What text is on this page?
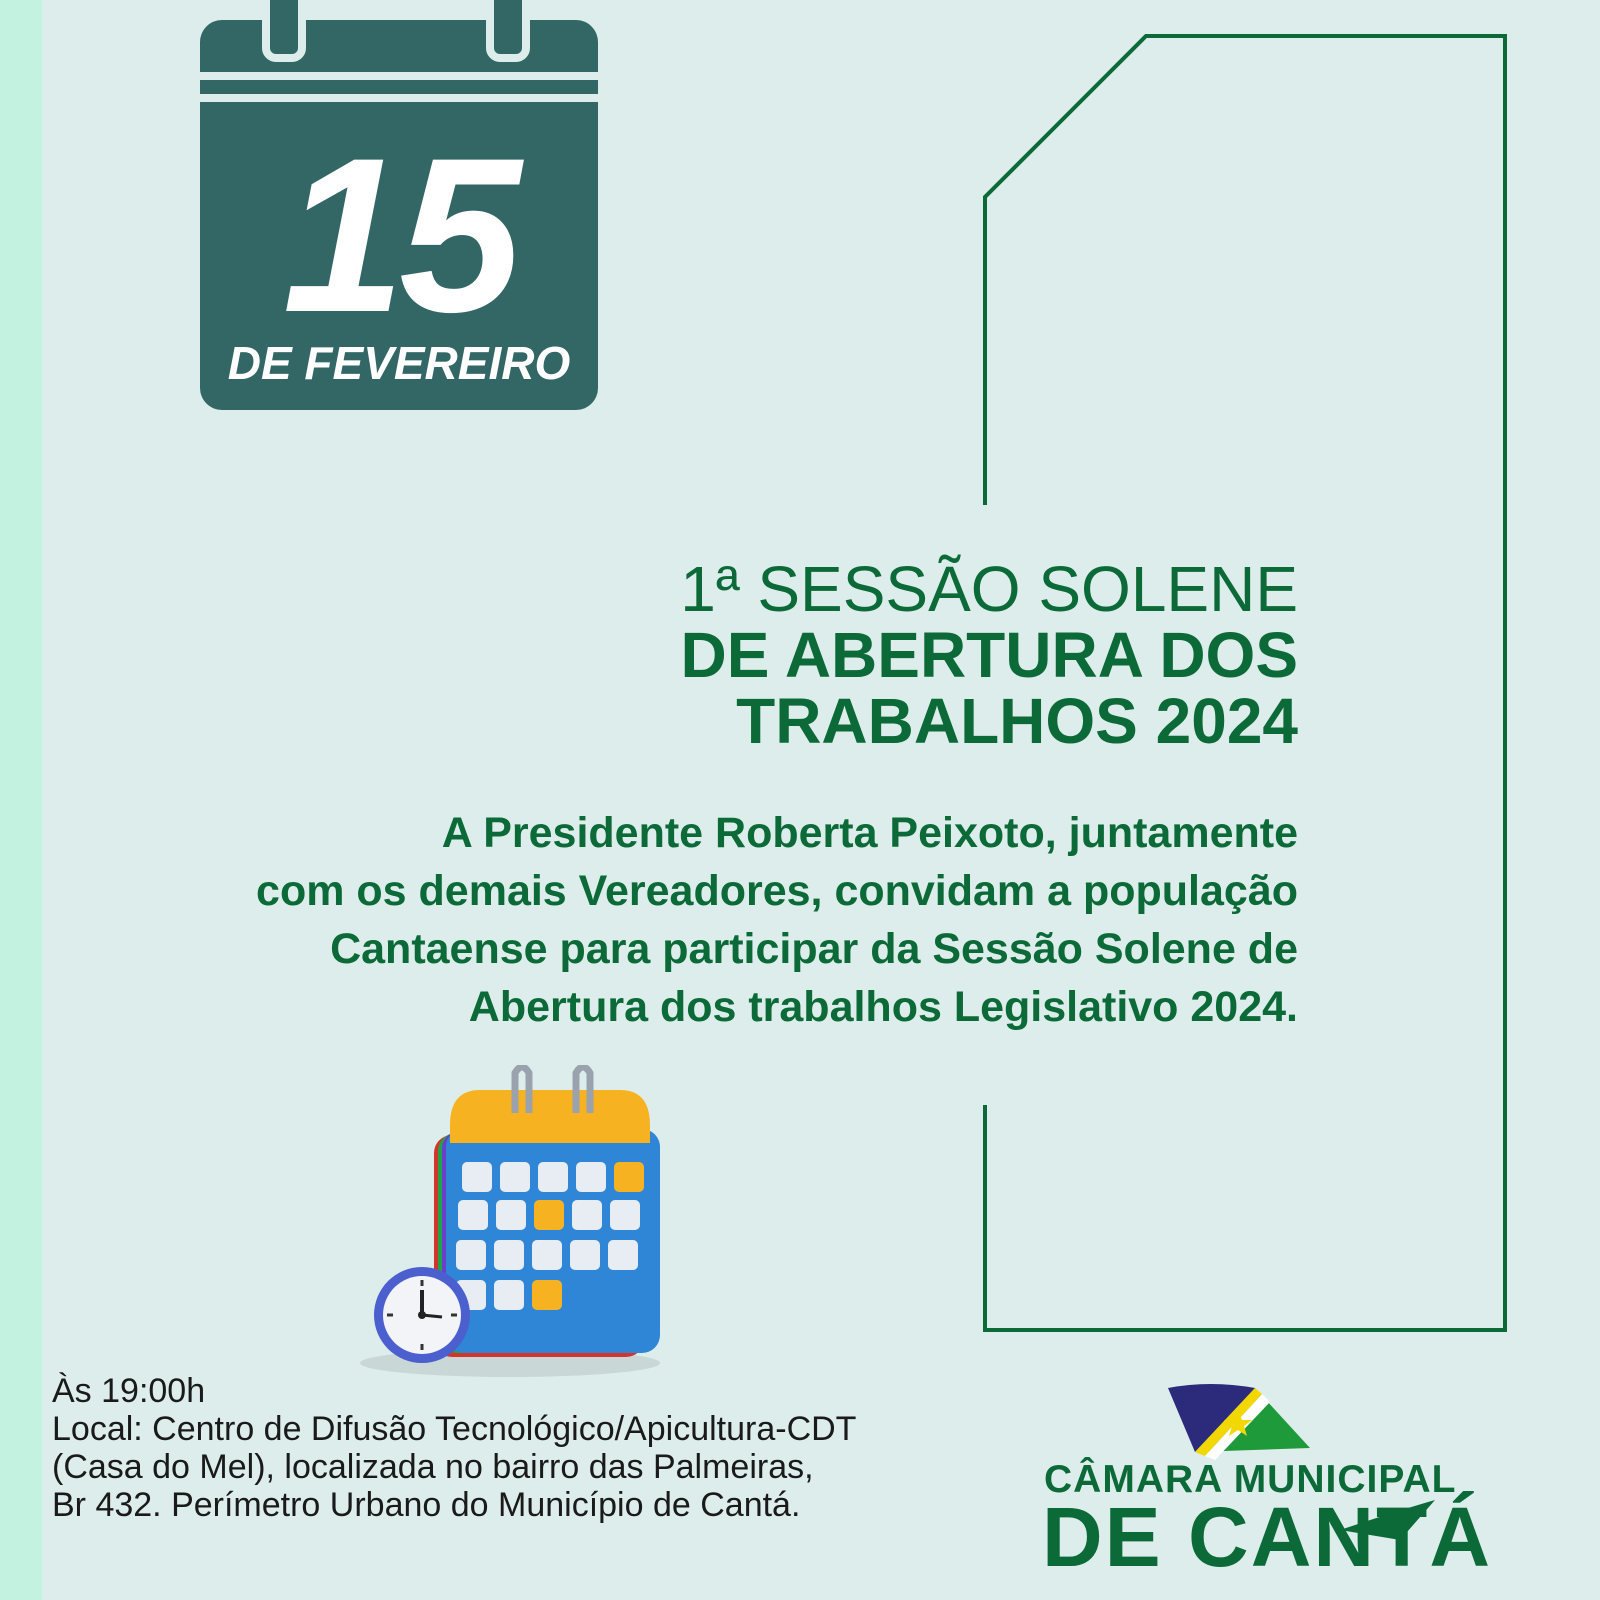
15
DE FEVEREIRO
1ª SESSÃO SOLENE
DE ABERTURA DOS
TRABALHOS 2024
A Presidente Roberta Peixoto, juntamente
com os demais Vereadores, convidam a população
Cantaense para participar da Sessão Solene de
Abertura dos trabalhos Legislativo 2024.
Às 19:00h
Local: Centro de Difusão Tecnológico/Apicultura-CDT
(Casa do Mel), localizada no bairro das Palmeiras,
Br 432. Perímetro Urbano do Município de Cantá.
CÂMARA MUNICIPAL
DE CANTÁ
